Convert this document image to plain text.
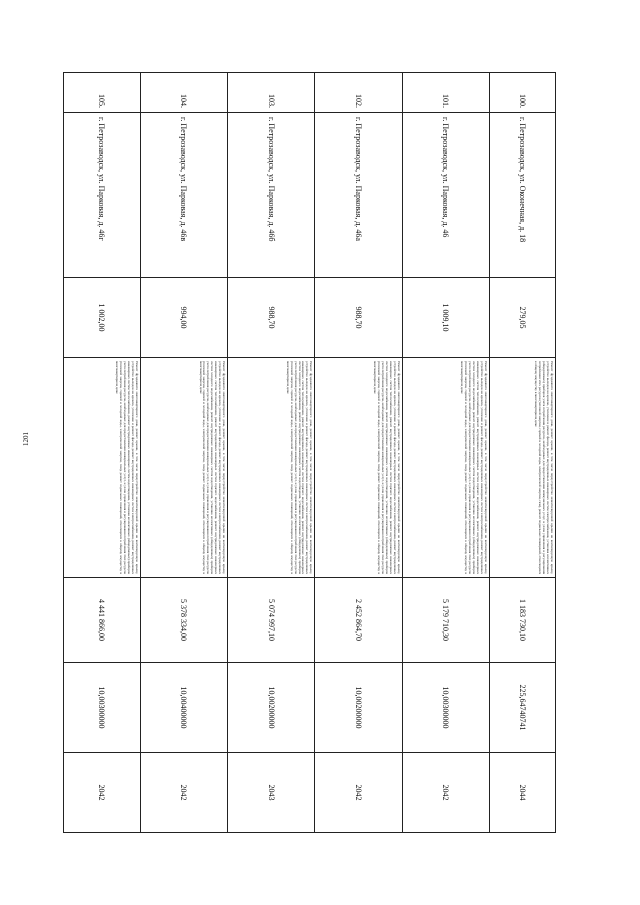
1201
100.	г. Петрозаводск, ул. Оконечная, д. 18	279,05	Ремонт фундамента многоквартирного дома, ремонт крыши, в том числе переустройство невентилируемой крыши на вентилируемую крышу, устройство выходов на кровлю, утепление и ремонт фасада, ремонт внутридомовых инженерных систем электроснабжения, установка коллективных (общедомовых) приборов учета потребления ресурсов, необходимых для предоставления коммунальных услуг, и узлов управления и регулирования потребления этих ресурсов (тепловой энергии, горячей и холодной воды, электрической энергии, газа), ремонт подвальных помещений, относящихся к общему имуществу в многоквартирном доме	1 183 730,10	225,64740741	2044
101.	г. Петрозаводск, ул. Парковая, д. 46	1 009,10	Ремонт фундамента многоквартирного дома, ремонт крыши, в том числе переустройство невентилируемой крыши на вентилируемую крышу, устройство выходов на кровлю, утепление и ремонт фасада, ремонт внутридомовых инженерных систем электроснабжения, ремонт внутридомовых инженерных систем теплоснабжения, ремонт внутридомовых инженерных систем горячего водоснабжения, ремонт внутридомовых инженерных систем холодного водоснабжения, ремонт внутридомовых инженерных систем водоотведения, установка коллективных (общедомовых) приборов учета потребления ресурсов, необходимых для предоставления коммунальных услуг, и узлов управления и регулирования потребления этих ресурсов (тепловой энергии, горячей и холодной воды, электрической энергии, газа), ремонт подвальных помещений, относящихся к общему имуществу в многоквартирном доме	5 179 710,30	10,00300000	2042
102.	г. Петрозаводск, ул. Парковая, д. 46а	988,70	Ремонт фундамента многоквартирного дома, ремонт крыши, в том числе переустройство невентилируемой крыши на вентилируемую крышу, устройство выходов на кровлю, утепление и ремонт фасада, ремонт внутридомовых инженерных систем электроснабжения, ремонт внутридомовых инженерных систем теплоснабжения, ремонт внутридомовых инженерных систем горячего водоснабжения, ремонт внутридомовых инженерных систем холодного водоснабжения, ремонт внутридомовых инженерных систем водоотведения, установка коллективных (общедомовых) приборов учета потребления ресурсов, необходимых для предоставления коммунальных услуг, и узлов управления и регулирования потребления этих ресурсов (тепловой энергии, горячей и холодной воды, электрической энергии, газа), ремонт подвальных помещений, относящихся к общему имуществу в многоквартирном доме	2 452 864,70	10,00200000	2042
103.	г. Петрозаводск, ул. Парковая, д. 46б	988,70	Ремонт фундамента многоквартирного дома, ремонт крыши, в том числе переустройство невентилируемой крыши на вентилируемую крышу, устройство выходов на кровлю, утепление и ремонт фасада, ремонт внутридомовых инженерных систем электроснабжения, ремонт внутридомовых инженерных систем теплоснабжения, ремонт внутридомовых инженерных систем горячего водоснабжения, ремонт внутридомовых инженерных систем холодного водоснабжения, ремонт внутридомовых инженерных систем водоотведения, установка коллективных (общедомовых) приборов учета потребления ресурсов, необходимых для предоставления коммунальных услуг, и узлов управления и регулирования потребления этих ресурсов (тепловой энергии, горячей и холодной воды, электрической энергии, газа), ремонт подвальных помещений, относящихся к общему имуществу в многоквартирном доме	5 074 997,10	10,00200000	2043
104.	г. Петрозаводск, ул. Парковая, д. 46в	994,00	Ремонт фундамента многоквартирного дома, ремонт крыши, в том числе переустройство невентилируемой крыши на вентилируемую крышу, устройство выходов на кровлю, утепление и ремонт фасада, ремонт внутридомовых инженерных систем электроснабжения, ремонт внутридомовых инженерных систем теплоснабжения, ремонт внутридомовых инженерных систем горячего водоснабжения, ремонт внутридомовых инженерных систем холодного водоснабжения, ремонт внутридомовых инженерных систем водоотведения, установка коллективных (общедомовых) приборов учета потребления ресурсов, необходимых для предоставления коммунальных услуг, и узлов управления и регулирования потребления этих ресурсов (тепловой энергии, горячей и холодной воды, электрической энергии, газа), ремонт подвальных помещений, относящихся к общему имуществу в многоквартирном доме	5 378 334,00	10,00400000	2042
105.	г. Петрозаводск, ул. Парковая, д. 46г	1 002,00	Ремонт фундамента многоквартирного дома, ремонт крыши, в том числе переустройство невентилируемой крыши на вентилируемую крышу, устройство выходов на кровлю, утепление и ремонт фасада, ремонт внутридомовых инженерных систем электроснабжения, ремонт внутридомовых инженерных систем теплоснабжения, ремонт внутридомовых инженерных систем водоотведения, установка коллективных (общедомовых) приборов учета потребления ресурсов, необходимых для предоставления коммунальных услуг, и узлов управления и регулирования потребления этих ресурсов (тепловой энергии, горячей и холодной воды, электрической энергии, газа), ремонт подвальных помещений, относящихся к общему имуществу в многоквартирном доме	4 441 866,00	10,00300000	2042
